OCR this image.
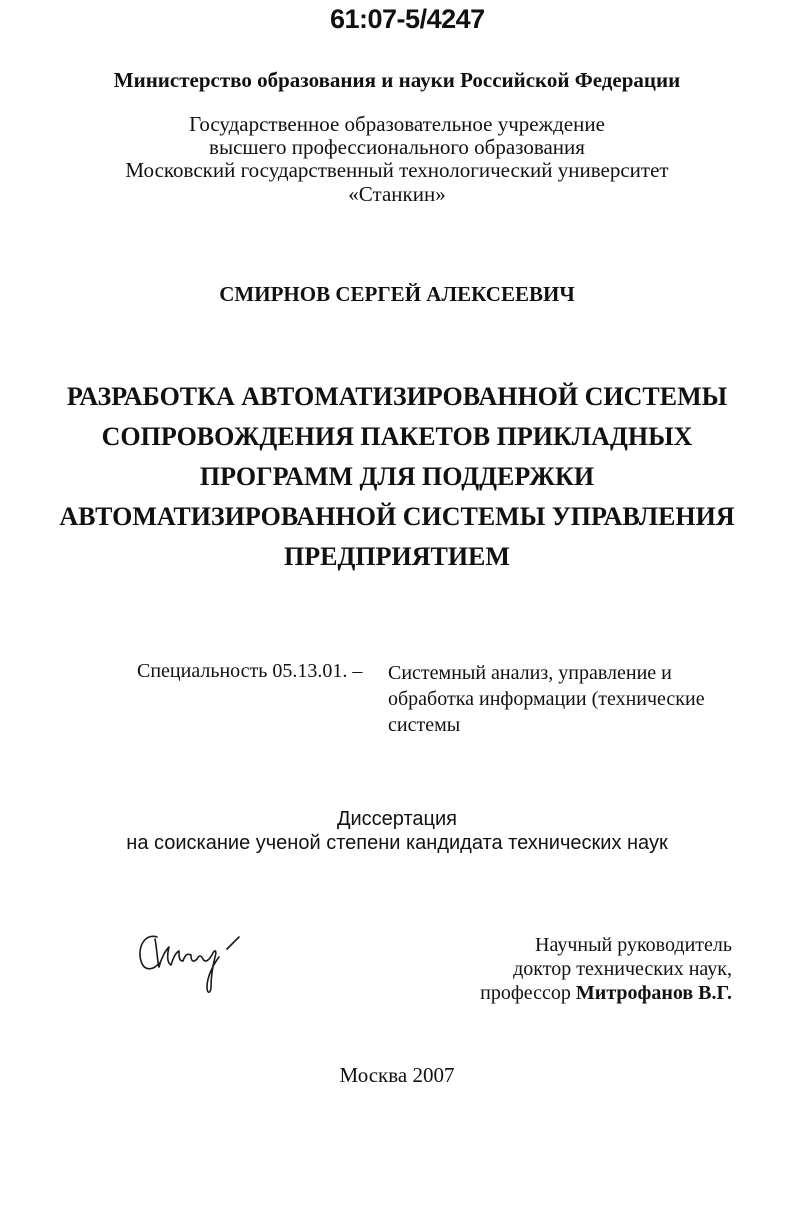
61:07-5/4247
Министерство образования и науки Российской Федерации
Государственное образовательное учреждение
высшего профессионального образования
Московский государственный технологический университет
«Станкин»
СМИРНОВ СЕРГЕЙ АЛЕКСЕЕВИЧ
РАЗРАБОТКА АВТОМАТИЗИРОВАННОЙ СИСТЕМЫ
СОПРОВОЖДЕНИЯ ПАКЕТОВ ПРИКЛАДНЫХ
ПРОГРАММ ДЛЯ ПОДДЕРЖКИ
АВТОМАТИЗИРОВАННОЙ СИСТЕМЫ УПРАВЛЕНИЯ
ПРЕДПРИЯТИЕМ
Специальность 05.13.01. – Системный анализ, управление и
обработка информации (технические
системы
Диссертация
на соискание ученой степени кандидата технических наук
Научный руководитель
доктор технических наук,
профессор Митрофанов В.Г.
Москва 2007
